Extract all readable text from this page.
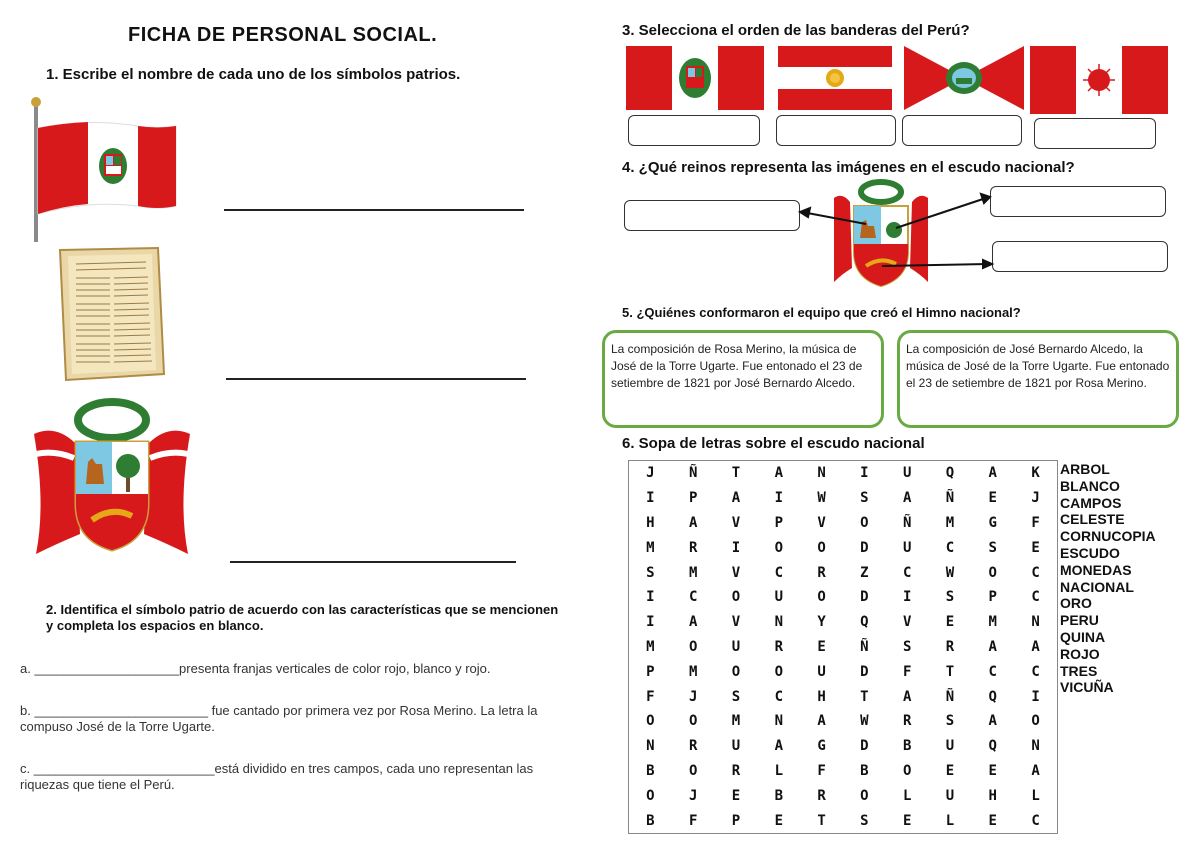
FICHA DE PERSONAL SOCIAL.
1. Escribe el nombre de cada uno de los símbolos patrios.
2. Identifica el símbolo patrio de acuerdo con las características que se mencionen y completa los espacios en blanco.
a. ____________________presenta franjas verticales de color rojo, blanco y rojo.
b. ________________________ fue cantado por primera vez por Rosa Merino. La letra la compuso José de la Torre Ugarte.
c. _________________________está dividido en tres campos, cada uno representan las riquezas que tiene el Perú.
3. Selecciona el orden de las banderas del Perú?
4. ¿Qué reinos representa las imágenes en el escudo nacional?
5. ¿Quiénes conformaron el equipo que creó el Himno nacional?
La composición de Rosa Merino, la música de José de la Torre Ugarte. Fue entonado el 23 de setiembre de 1821 por José Bernardo Alcedo.
La composición de José Bernardo Alcedo, la música de José de la Torre Ugarte. Fue entonado el 23 de setiembre de 1821 por Rosa Merino.
6. Sopa de letras sobre el escudo nacional
J	Ñ	T	A	N	I	U	Q	A	K
I	P	A	I	W	S	A	Ñ	E	J
H	A	V	P	V	O	Ñ	M	G	F
M	R	I	O	O	D	U	C	S	E
S	M	V	C	R	Z	C	W	O	C
I	C	O	U	O	D	I	S	P	C
I	A	V	N	Y	Q	V	E	M	N
M	O	U	R	E	Ñ	S	R	A	A
P	M	O	O	U	D	F	T	C	C
F	J	S	C	H	T	A	Ñ	Q	I
O	O	M	N	A	W	R	S	A	O
N	R	U	A	G	D	B	U	Q	N
B	O	R	L	F	B	O	E	E	A
O	J	E	B	R	O	L	U	H	L
B	F	P	E	T	S	E	L	E	C
ARBOL
BLANCO
CAMPOS
CELESTE
CORNUCOPIA
ESCUDO
MONEDAS
NACIONAL
ORO
PERU
QUINA
ROJO
TRES
VICUÑA
